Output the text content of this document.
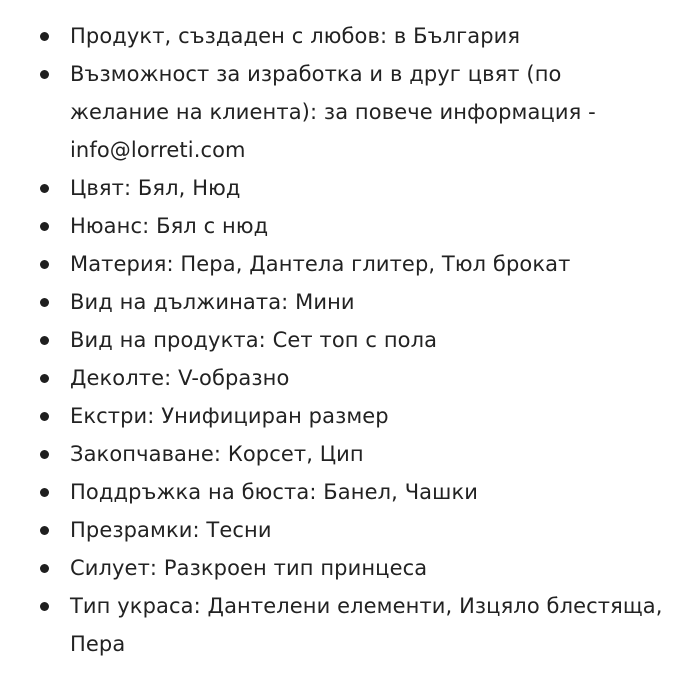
Продукт, създаден с любов: в България
Възможност за изработка и в друг цвят (по желание на клиента): за повече информация - info@lorreti.com
Цвят: Бял, Нюд
Нюанс: Бял с нюд
Материя: Пера, Дантела глитер, Тюл брокат
Вид на дължината: Мини
Вид на продукта: Сет топ с пола
Деколте: V-образно
Екстри: Унифициран размер
Закопчаване: Корсет, Цип
Поддръжка на бюста: Банел, Чашки
Презрамки: Тесни
Силует: Разкроен тип принцеса
Тип украса: Дантелени елементи, Изцяло блестяща, Пера
